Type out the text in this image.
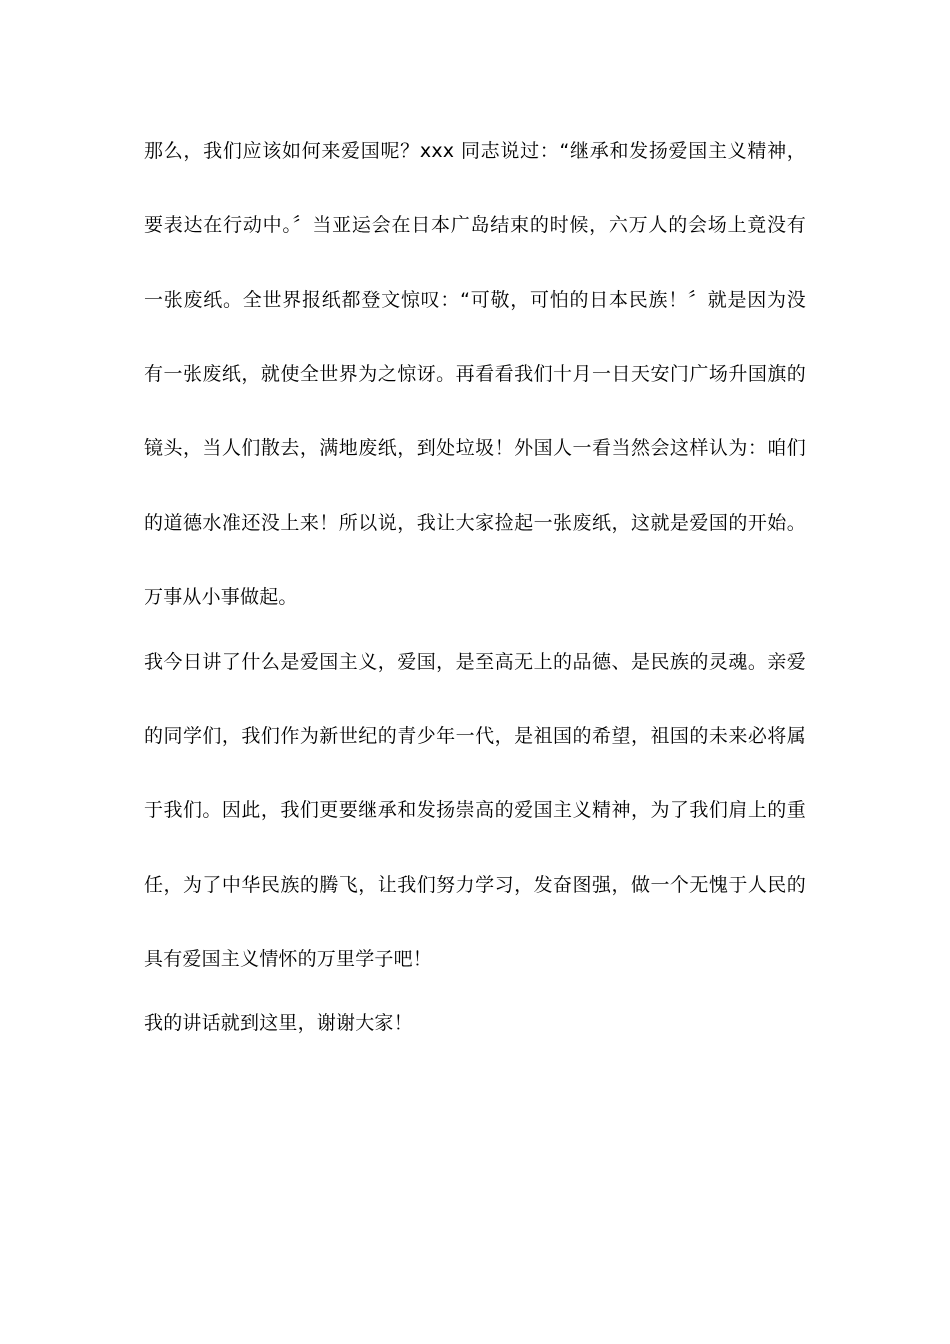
那么，我们应该如何来爱国呢？xxx 同志说过：“继承和发扬爱国主义精神，
要表达在行动中。〞当亚运会在日本广岛结束的时候，六万人的会场上竟没有
一张废纸。全世界报纸都登文惊叹：“可敬，可怕的日本民族！〞就是因为没
有一张废纸，就使全世界为之惊讶。再看看我们十月一日天安门广场升国旗的
镜头，当人们散去，满地废纸，到处垃圾！外国人一看当然会这样认为：咱们
的道德水准还没上来！所以说，我让大家捡起一张废纸，这就是爱国的开始。
万事从小事做起。
我今日讲了什么是爱国主义，爱国，是至高无上的品德、是民族的灵魂。亲爱
的同学们，我们作为新世纪的青少年一代，是祖国的希望，祖国的未来必将属
于我们。因此，我们更要继承和发扬崇高的爱国主义精神，为了我们肩上的重
任，为了中华民族的腾飞，让我们努力学习，发奋图强，做一个无愧于人民的
具有爱国主义情怀的万里学子吧！
我的讲话就到这里，谢谢大家！
